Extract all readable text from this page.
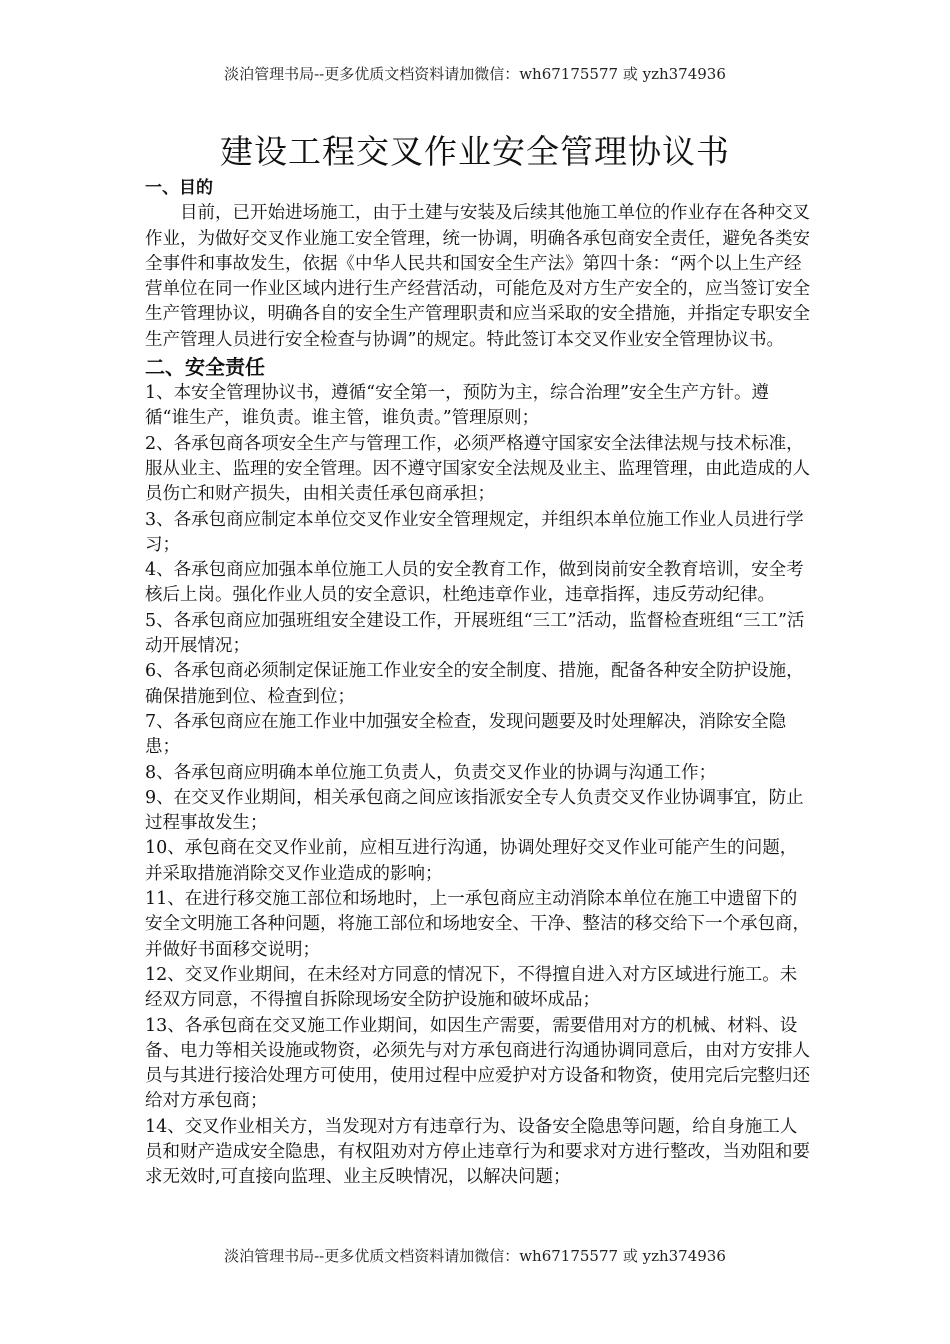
淡泊管理书局--更多优质文档资料请加微信：wh67175577 或 yzh374936
建设工程交叉作业安全管理协议书

一、目的

目前，已开始进场施工，由于土建与安装及后续其他施工单位的作业存在各种交叉作业，为做好交叉作业施工安全管理，统一协调，明确各承包商安全责任，避免各类安全事件和事故发生，依据《中华人民共和国安全生产法》第四十条：“两个以上生产经营单位在同一作业区域内进行生产经营活动，可能危及对方生产安全的，应当签订安全生产管理协议，明确各自的安全生产管理职责和应当采取的安全措施，并指定专职安全生产管理人员进行安全检查与协调”的规定。特此签订本交叉作业安全管理协议书。

二、安全责任

1、本安全管理协议书，遵循“安全第一，预防为主，综合治理”安全生产方针。遵循“谁生产，谁负责。谁主管，谁负责。”管理原则；

2、各承包商各项安全生产与管理工作，必须严格遵守国家安全法律法规与技术标准，服从业主、监理的安全管理。因不遵守国家安全法规及业主、监理管理，由此造成的人员伤亡和财产损失，由相关责任承包商承担；

3、各承包商应制定本单位交叉作业安全管理规定，并组织本单位施工作业人员进行学习；

4、各承包商应加强本单位施工人员的安全教育工作，做到岗前安全教育培训，安全考核后上岗。强化作业人员的安全意识，杜绝违章作业，违章指挥，违反劳动纪律。

5、各承包商应加强班组安全建设工作，开展班组“三工”活动，监督检查班组“三工”活动开展情况；

6、各承包商必须制定保证施工作业安全的安全制度、措施，配备各种安全防护设施，确保措施到位、检查到位；

7、各承包商应在施工作业中加强安全检查，发现问题要及时处理解决，消除安全隐患；

8、各承包商应明确本单位施工负责人，负责交叉作业的协调与沟通工作；

9、在交叉作业期间，相关承包商之间应该指派安全专人负责交叉作业协调事宜，防止过程事故发生；

10、承包商在交叉作业前，应相互进行沟通，协调处理好交叉作业可能产生的问题，并采取措施消除交叉作业造成的影响；

11、在进行移交施工部位和场地时，上一承包商应主动消除本单位在施工中遗留下的安全文明施工各种问题，将施工部位和场地安全、干净、整洁的移交给下一个承包商，并做好书面移交说明；

12、交叉作业期间，在未经对方同意的情况下，不得擅自进入对方区域进行施工。未经双方同意，不得擅自拆除现场安全防护设施和破坏成品；

13、各承包商在交叉施工作业期间，如因生产需要，需要借用对方的机械、材料、设备、电力等相关设施或物资，必须先与对方承包商进行沟通协调同意后，由对方安排人员与其进行接洽处理方可使用，使用过程中应爱护对方设备和物资，使用完后完整归还给对方承包商；

14、交叉作业相关方，当发现对方有违章行为、设备安全隐患等问题，给自身施工人员和财产造成安全隐患，有权阻劝对方停止违章行为和要求对方进行整改，当劝阻和要求无效时,可直接向监理、业主反映情况，以解决问题；

淡泊管理书局--更多优质文档资料请加微信：wh67175577 或 yzh374936
